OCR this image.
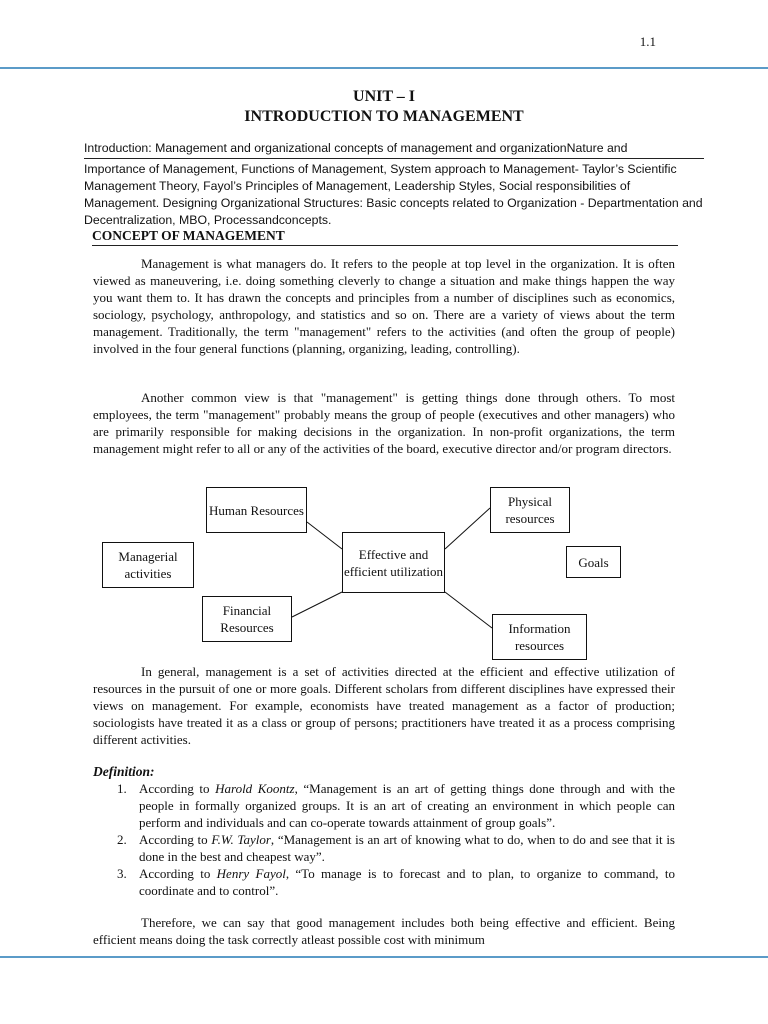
1.1
UNIT – I
INTRODUCTION TO MANAGEMENT
Introduction: Management and organizational concepts of management and organizationNature and
Importance of Management, Functions of Management, System approach to Management- Taylor’s Scientific Management Theory, Fayol’s Principles of Management, Leadership Styles, Social responsibilities of Management. Designing Organizational Structures: Basic concepts related to Organization - Departmentation and Decentralization, MBO, Processandconcepts.
CONCEPT OF MANAGEMENT

Management is what managers do. It refers to the people at top level in the organization. It is often viewed as maneuvering, i.e. doing something cleverly to change a situation and make things happen the way you want them to. It has drawn the concepts and principles from a number of disciplines such as economics, sociology, psychology, anthropology, and statistics and so on. There are a variety of views about the term management. Traditionally, the term "management" refers to the activities (and often the group of people) involved in the four general functions (planning, organizing, leading, controlling).

Another common view is that "management" is getting things done through others. To most employees, the term "management" probably means the group of people (executives and other managers) who are primarily responsible for making decisions in the organization. In non-profit organizations, the term management might refer to all or any of the activities of the board, executive director and/or program directors.

Human Resources
Physical resources
Managerial activities
Effective and efficient utilization
Goals
Financial Resources	Information resources

In general, management is a set of activities directed at the efficient and effective utilization of resources in the pursuit of one or more goals. Different scholars from different disciplines have expressed their views on management. For example, economists have treated management as a factor of production; sociologists have treated it as a class or group of persons; practitioners have treated it as a process comprising different activities.

Definition:
1. According to Harold Koontz, “Management is an art of getting things done through and with the people in formally organized groups. It is an art of creating an environment in which people can perform and individuals and can co-operate towards attainment of group goals”.
2. According to F.W. Taylor, “Management is an art of knowing what to do, when to do and see that it is done in the best and cheapest way”.
3. According to Henry Fayol, “To manage is to forecast and to plan, to organize to command, to coordinate and to control”.

Therefore, we can say that good management includes both being effective and efficient. Being efficient means doing the task correctly atleast possible cost with minimum
